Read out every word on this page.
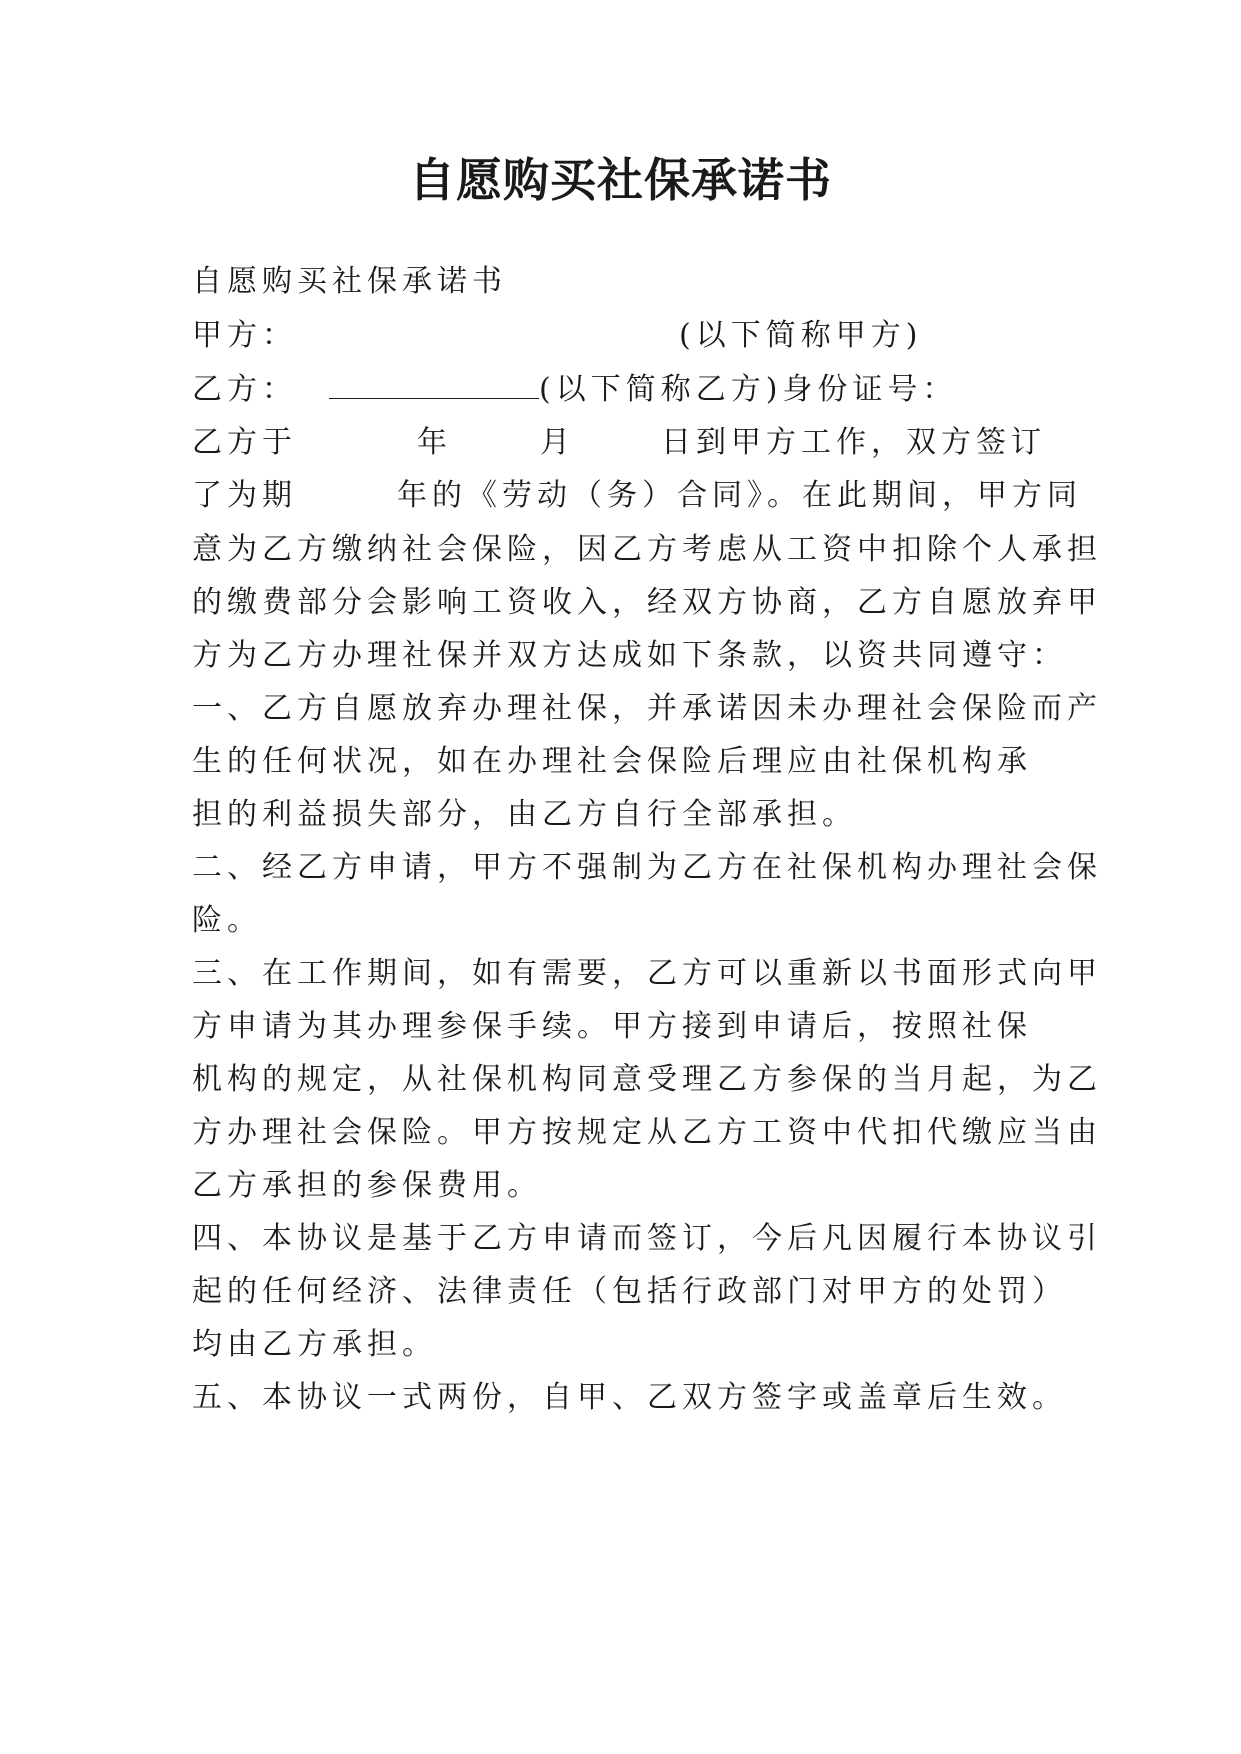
自愿购买社保承诺书
自愿购买社保承诺书
甲方：	(以下简称甲方)
乙方：	(以下简称乙方)身份证号：
乙方于	年	月	日到甲方工作，双方签订
了为期	年的《劳动（务）合同》。在此期间，甲方同
意为乙方缴纳社会保险，因乙方考虑从工资中扣除个人承担
的缴费部分会影响工资收入，经双方协商，乙方自愿放弃甲
方为乙方办理社保并双方达成如下条款，以资共同遵守：
一、乙方自愿放弃办理社保，并承诺因未办理社会保险而产
生的任何状况，如在办理社会保险后理应由社保机构承
担的利益损失部分，由乙方自行全部承担。
二、经乙方申请，甲方不强制为乙方在社保机构办理社会保
险。
三、在工作期间，如有需要，乙方可以重新以书面形式向甲
方申请为其办理参保手续。甲方接到申请后，按照社保
机构的规定，从社保机构同意受理乙方参保的当月起，为乙
方办理社会保险。甲方按规定从乙方工资中代扣代缴应当由
乙方承担的参保费用。
四、本协议是基于乙方申请而签订，今后凡因履行本协议引
起的任何经济、法律责任（包括行政部门对甲方的处罚）
均由乙方承担。
五、本协议一式两份，自甲、乙双方签字或盖章后生效。
